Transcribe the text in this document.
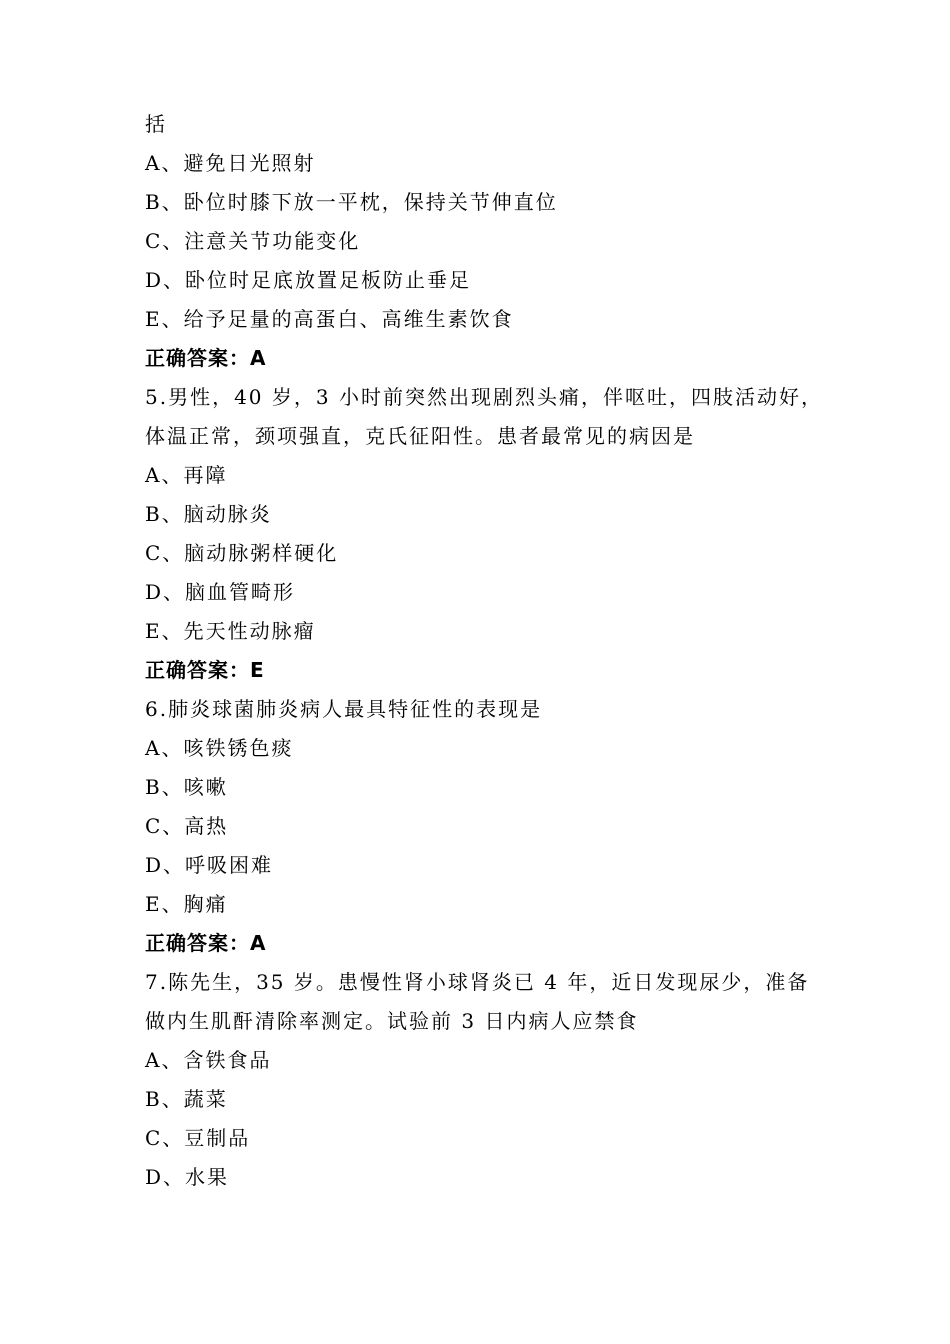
括
A、避免日光照射
B、卧位时膝下放一平枕，保持关节伸直位
C、注意关节功能变化
D、卧位时足底放置足板防止垂足
E、给予足量的高蛋白、高维生素饮食
正确答案：A
5.男性，40 岁，3 小时前突然出现剧烈头痛，伴呕吐，四肢活动好，
体温正常，颈项强直，克氏征阳性。患者最常见的病因是
A、再障
B、脑动脉炎
C、脑动脉粥样硬化
D、脑血管畸形
E、先天性动脉瘤
正确答案：E
6.肺炎球菌肺炎病人最具特征性的表现是
A、咳铁锈色痰
B、咳嗽
C、高热
D、呼吸困难
E、胸痛
正确答案：A
7.陈先生，35 岁。患慢性肾小球肾炎已 4 年，近日发现尿少，准备
做内生肌酐清除率测定。试验前 3 日内病人应禁食
A、含铁食品
B、蔬菜
C、豆制品
D、水果
